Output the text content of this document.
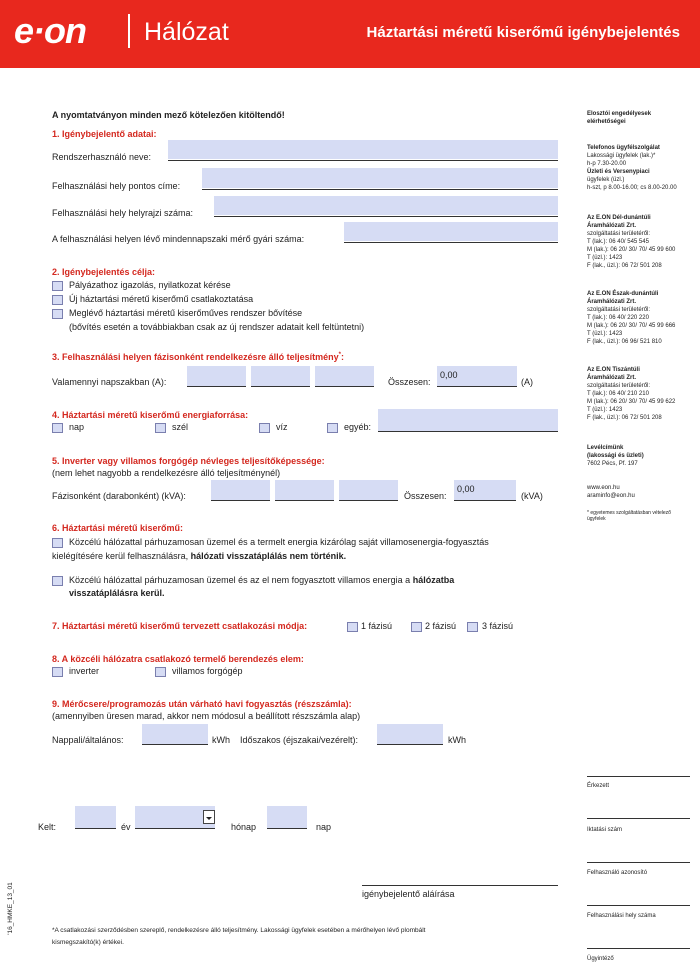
e·on Hálózat	Háztartási méretű kiserőmű igénybejelentés
A nyomtatványon minden mező kötelezően kitöltendő!
1. Igénybejelentő adatai:
Rendszerhasználó neve:
Felhasználási hely pontos címe:
Felhasználási hely helyrajzi száma:
A felhasználási helyen lévő mindennapszaki mérő gyári száma:
2. Igénybejelentés célja:
Pályázathoz igazolás, nyilatkozat kérése
Új háztartási méretű kiserőmű csatlakoztatása
Meglévő háztartási méretű kiserőműves rendszer bővítése
(bővítés esetén a továbbiakban csak az új rendszer adatait kell feltüntetni)
3. Felhasználási helyen fázisonként rendelkezésre álló teljesítmény*:
Valamennyi napszakban (A):	Összesen:
0,00
(A)
4. Háztartási méretű kiserőmű energiaforrása:
nap	szél	víz	egyéb:
5. Inverter vagy villamos forgógép névleges teljesítőképessége:
(nem lehet nagyobb a rendelkezésre álló teljesítménynél)
Fázisonként (darabonként) (kVA):	Összesen:
0,00
(kVA)
6. Háztartási méretű kiserőmű:
Közcélú hálózattal párhuzamosan üzemel és a termelt energia kizárólag saját villamosenergia-fogyasztás
kielégítésére kerül felhasználásra, hálózati visszatáplálás nem történik.
Közcélú hálózattal párhuzamosan üzemel és az el nem fogyasztott villamos energia a hálózatba
visszatáplálásra kerül.
7. Háztartási méretű kiserőmű tervezett csatlakozási módja:	1 fázisú	2 fázisú	3 fázisú
8. A közcéli hálózatra csatlakozó termelő berendezés elem:
inverter	villamos forgógép
9. Mérőcsere/programozás után várható havi fogyasztás (részszámla):
(amennyiben üresen marad, akkor nem módosul a beállított részszámla alap)
Nappali/általános:	kWh Időszakos (éjszakai/vezérelt):	kWh
Kelt:	év	hónap	nap
igénybejelentő aláírása
*A csatlakozási szerződésben szereplő, rendelkezésre álló teljesítmény. Lakossági ügyfelek esetében a mérőhelyen lévő plombált
kismegszakító(k) értékei.
'16_HMKE_13_01
Elosztói engedélyesek
elérhetőségei
Telefonos ügyfélszolgálat
Lakossági ügyfelek (lak.)*
h-p 7.30-20.00
Üzleti és Versenypiaci
ügyfelek (üzl.)
h-szt, p 8.00-16.00; cs 8.00-20.00
Az E.ON Dél-dunántúli
Áramhálózati Zrt.
szolgáltatási területéről:
T (lak.): 06 40/ 545 545
M (lak.): 06 20/ 30/ 70/ 45 99 600
T (üzl.): 1423
F (lak., üzl.): 06 72/ 501 208
Az E.ON Észak-dunántúli
Áramhálózati Zrt.
szolgáltatási területéről:
T (lak.): 06 40/ 220 220
M (lak.): 06 20/ 30/ 70/ 45 99 666
T (üzl.): 1423
F (lak., üzl.): 06 96/ 521 810
Az E.ON Tiszántúli
Áramhálózati Zrt.
szolgáltatási területéről:
T (lak.): 06 40/ 210 210
M (lak.): 06 20/ 30/ 70/ 45 99 622
T (üzl.): 1423
F (lak., üzl.): 06 72/ 501 208
Levélcímünk
(lakossági és üzleti)
7602 Pécs, Pf. 197
www.eon.hu
araminfo@eon.hu
* egyetemes szolgáltatásban vételező
ügyfelek
Érkezett
Iktatási szám
Felhasználó azonosító
Felhasználási hely száma
Ügyintéző
